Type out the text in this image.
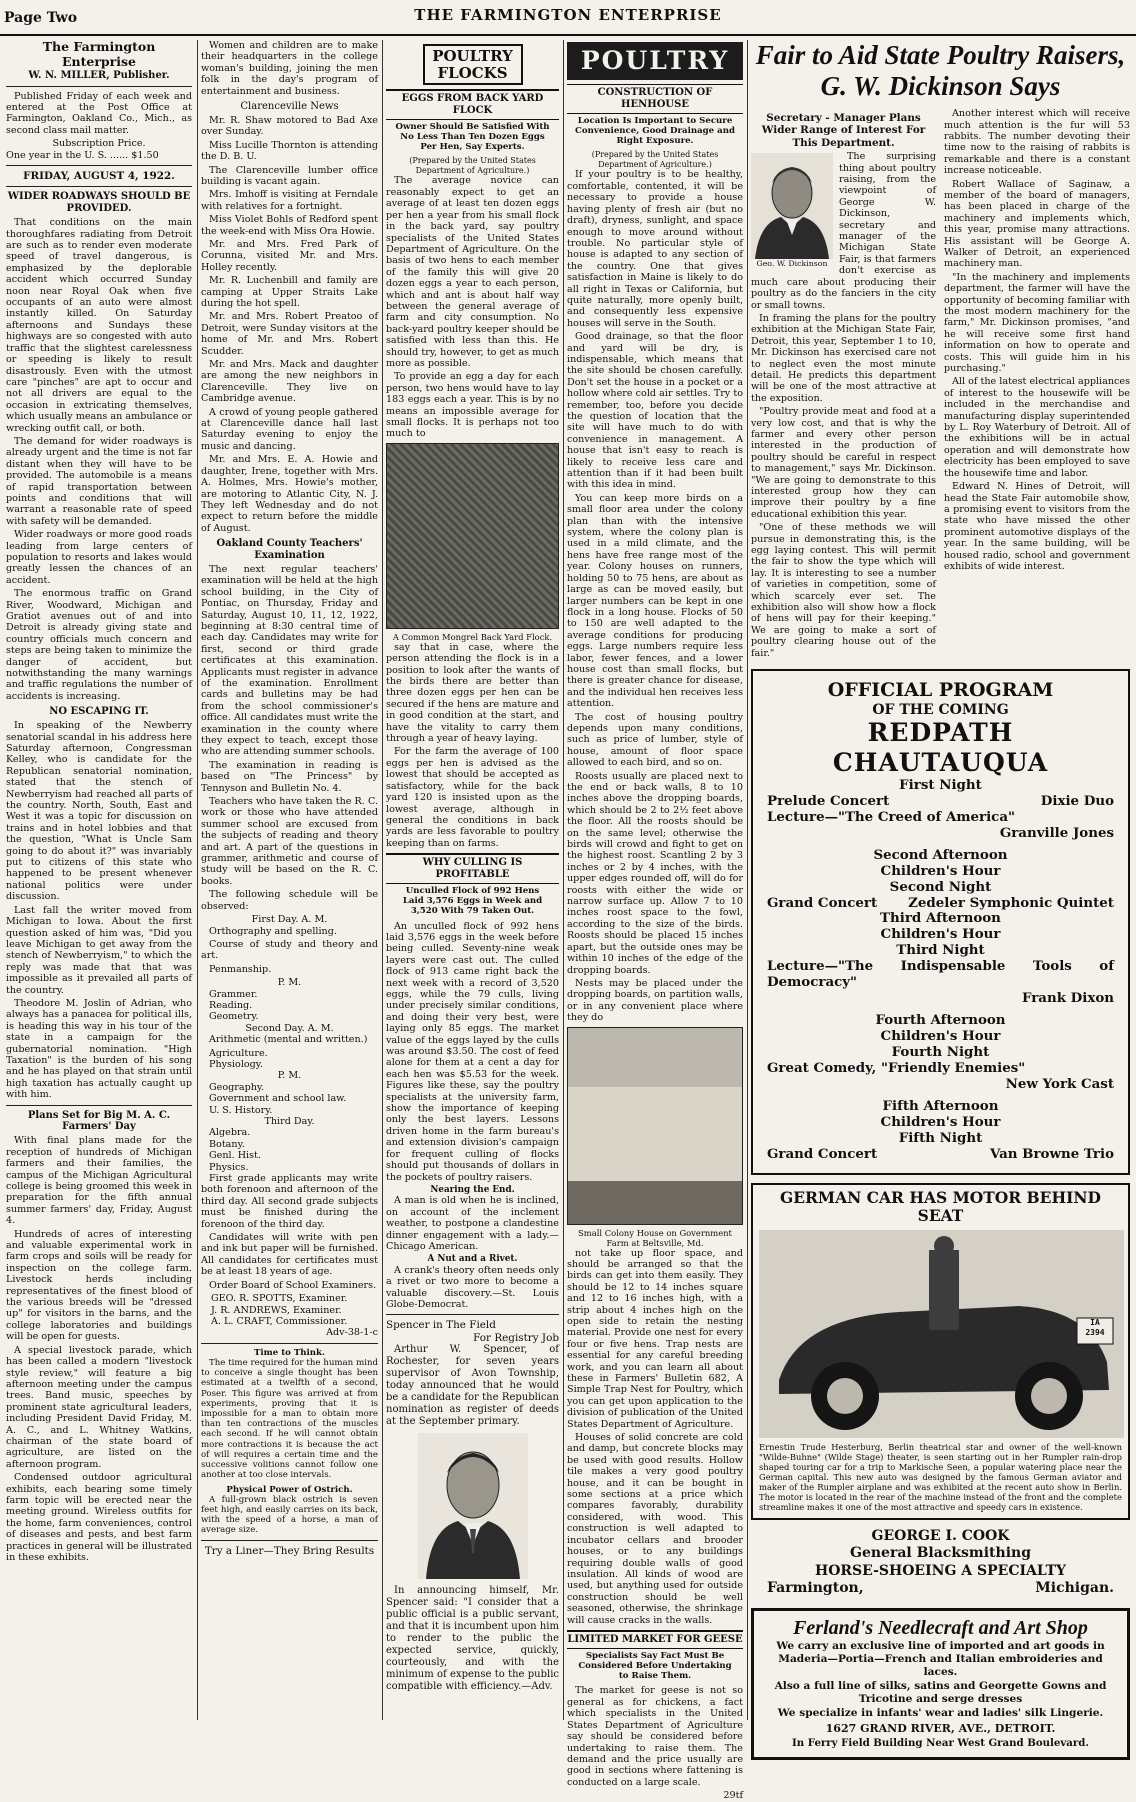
Page Two	THE FARMINGTON ENTERPRISE
The Farmington Enterprise
W. N. MILLER, Publisher.

Published Friday of each week and entered at the Post Office at Farmington, Oakland Co., Mich., as second class mail matter.

Subscription Price.
One year in the U. S. ...... $1.50
FRIDAY, AUGUST 4, 1922.
WIDER ROADWAYS SHOULD BE PROVIDED.

That conditions on the main thoroughfares radiating from Detroit are such as to render even moderate speed of travel dangerous, is emphasized by the deplorable accident which occurred Sunday noon near Royal Oak when five occupants of an auto were almost instantly killed. On Saturday afternoons and Sundays these highways are so congested with auto traffic that the slightest carelessness or speeding is likely to result disastrously. Even with the utmost care "pinches" are apt to occur and not all drivers are equal to the occasion in extricating themselves, which usually means an ambulance or wrecking outfit call, or both.

The demand for wider roadways is already urgent and the time is not far distant when they will have to be provided. The automobile is a means of rapid transportation between points and conditions that will warrant a reasonable rate of speed with safety will be demanded.

Wider roadways or more good roads leading from large centers of population to resorts and lakes would greatly lessen the chances of an accident.

The enormous traffic on Grand River, Woodward, Michigan and Gratiot avenues out of and into Detroit is already giving state and country officials much concern and steps are being taken to minimize the danger of accident, but notwithstanding the many warnings and traffic regulations the number of accidents is increasing.

NO ESCAPING IT.

In speaking of the Newberry senatorial scandal in his address here Saturday afternoon, Congressman Kelley, who is candidate for the Republican senatorial nomination, stated that the stench of Newberryism had reached all parts of the country. North, South, East and West it was a topic for discussion on trains and in hotel lobbies and that the question, "What is Uncle Sam going to do about it?" was invariably put to citizens of this state who happened to be present whenever national politics were under discussion.

Last fall the writer moved from Michigan to Iowa. About the first question asked of him was, "Did you leave Michigan to get away from the stench of Newberryism," to which the reply was made that that was impossible as it prevailed all parts of the country.

Theodore M. Joslin of Adrian, who always has a panacea for political ills, is heading this way in his tour of the state in a campaign for the gubernatorial nomination. "High Taxation" is the burden of his song and he has played on that strain until high taxation has actually caught up with him.

Plans Set for Big M. A. C. Farmers' Day

With final plans made for the reception of hundreds of Michigan farmers and their families, the campus of the Michigan Agricultural college is being groomed this week in preparation for the fifth annual summer farmers' day, Friday, August 4.

Hundreds of acres of interesting and valuable experimental work in farm crops and soils will be ready for inspection on the college farm. Livestock herds including representatives of the finest blood of the various breeds will be "dressed up" for visitors in the barns, and the college laboratories and buildings will be open for guests.

A special livestock parade, which has been called a modern "livestock style review," will feature a big afternoon meeting under the campus trees. Band music, speeches by prominent state agricultural leaders, including President David Friday, M. A. C., and L. Whitney Watkins, chairman of the state board of agriculture, are listed on the afternoon program.

Condensed outdoor agricultural exhibits, each bearing some timely farm topic will be erected near the meeting ground. Wireless outfits for the home, farm conveniences, control of diseases and pests, and best farm practices in general will be illustrated in these exhibits.

Women and children are to make their headquarters in the college woman's building, joining the men folk in the day's program of entertainment and business.

Clarenceville News

Mr. R. Shaw motored to Bad Axe over Sunday.

Miss Lucille Thornton is attending the D. B. U.

The Clarenceville lumber office building is vacant again.

Mrs. Imhoff is visiting at Ferndale with relatives for a fortnight.

Miss Violet Bohls of Redford spent the week-end with Miss Ora Howie.

Mr. and Mrs. Fred Park of Corunna, visited Mr. and Mrs. Holley recently.

Mr. R. Luchenbill and family are camping at Upper Straits Lake during the hot spell.

Mr. and Mrs. Robert Preatoo of Detroit, were Sunday visitors at the home of Mr. and Mrs. Robert Scudder.

Mr. and Mrs. Mack and daughter are among the new neighbors in Clarenceville. They live on Cambridge avenue.

A crowd of young people gathered at Clarenceville dance hall last Saturday evening to enjoy the music and dancing.

Mr. and Mrs. E. A. Howie and daughter, Irene, together with Mrs. A. Holmes, Mrs. Howie's mother, are motoring to Atlantic City, N. J. They left Wednesday and do not expect to return before the middle of August.

Oakland County Teachers' Examination

The next regular teachers' examination will be held at the high school building, in the City of Pontiac, on Thursday, Friday and Saturday, August 10, 11, 12, 1922, beginning at 8:30 central time of each day. Candidates may write for first, second or third grade certificates at this examination. Applicants must register in advance of the examination. Enrollment cards and bulletins may be had from the school commissioner's office. All candidates must write the examination in the county where they expect to teach, except those who are attending summer schools.

The examination in reading is based on "The Princess" by Tennyson and Bulletin No. 4.

Teachers who have taken the R. C. work or those who have attended summer school are excused from the subjects of reading and theory and art. A part of the questions in grammer, arithmetic and course of study will be based on the R. C. books.

The following schedule will be observed:

First Day. A. M.

Orthography and spelling.

Course of study and theory and art.

Penmanship.

P. M.
Grammer.
Reading.
Geometry.
Second Day. A. M.

Arithmetic (mental and written.)

Agriculture.
Physiology.
P. M.
Geography.
Government and school law.
U. S. History.
Third Day.
Algebra.
Botany.
Genl. Hist.
Physics.

First grade applicants may write both forenoon and afternoon of the third day. All second grade subjects must be finished during the forenoon of the third day.

Candidates will write with pen and ink but paper will be furnished. All candidates for certificates must be at least 18 years of age.

Order Board of School Examiners.

GEO. R. SPOTTS, Examiner.
J. R. ANDREWS, Examiner.
A. L. CRAFT, Commissioner.
Adv-38-1-c
Time to Think.

The time required for the human mind to conceive a single thought has been estimated at a twelfth of a second, Poser. This figure was arrived at from experiments, proving that it is impossible for a man to obtain more than ten contractions of the muscles each second. If he will cannot obtain more contractions it is because the act of will requires a certain time and the successive volitions cannot follow one another at too close intervals.

Physical Power of Ostrich.

A full-grown black ostrich is seven feet high, and easily carries on its back, with the speed of a horse, a man of average size.

Try a Liner—They Bring Results
POULTRY
FLOCKS
EGGS FROM BACK YARD FLOCK
Owner Should Be Satisfied With No Less Than Ten Dozen Eggs Per Hen, Say Experts.
(Prepared by the United States Department of Agriculture.)

The average novice can reasonably expect to get an average of at least ten dozen eggs per hen a year from his small flock in the back yard, say poultry specialists of the United States Department of Agriculture. On the basis of two hens to each member of the family this will give 20 dozen eggs a year to each person, which and ant is about half way between the general average of farm and city consumption. No back-yard poultry keeper should be satisfied with less than this. He should try, however, to get as much more as possible.

To provide an egg a day for each person, two hens would have to lay 183 eggs each a year. This is by no means an impossible average for small flocks. It is perhaps not too much to

A Common Mongrel Back Yard Flock.

say that in case, where the person attending the flock is in a position to look after the wants of the birds there are better than three dozen eggs per hen can be secured if the hens are mature and in good condition at the start, and have the vitality to carry them through a year of heavy laying.

For the farm the average of 100 eggs per hen is advised as the lowest that should be accepted as satisfactory, while for the back yard 120 is insisted upon as the lowest average, although in general the conditions in back yards are less favorable to poultry keeping than on farms.

WHY CULLING IS PROFITABLE
Unculled Flock of 992 Hens Laid 3,576 Eggs in Week and 3,520 With 79 Taken Out.

An unculled flock of 992 hens laid 3,576 eggs in the week before being culled. Seventy-nine weak layers were cast out. The culled flock of 913 came right back the next week with a record of 3,520 eggs, while the 79 culls, living under precisely similar conditions, and doing their very best, were laying only 85 eggs. The market value of the eggs layed by the culls was around $3.50. The cost of feed alone for them at a cent a day for each hen was $5.53 for the week. Figures like these, say the poultry specialists at the university farm, show the importance of keeping only the best layers. Lessons driven home in the farm bureau's and extension division's campaign for frequent culling of flocks should put thousands of dollars in the pockets of poultry raisers.

Nearing the End.

A man is old when he is inclined, on account of the inclement weather, to postpone a clandestine dinner engagement with a lady.—Chicago American.

A Nut and a Rivet.

A crank's theory often needs only a rivet or two more to become a valuable discovery.—St. Louis Globe-Democrat.

Spencer in The Field
For Registry Job

Arthur W. Spencer, of Rochester, for seven years supervisor of Avon Township, today announced that he would be a candidate for the Republican nomination as register of deeds at the September primary.

In announcing himself, Mr. Spencer said: "I consider that a public official is a public servant, and that it is incumbent upon him to render to the public the expected service, quickly, courteously, and with the minimum of expense to the public compatible with efficiency.—Adv.

POULTRY
CONSTRUCTION OF HENHOUSE
Location Is Important to Secure Convenience, Good Drainage and Right Exposure.
(Prepared by the United States Department of Agriculture.)

If your poultry is to be healthy, comfortable, contented, it will be necessary to provide a house having plenty of fresh air (but no draft), dryness, sunlight, and space enough to move around without trouble. No particular style of house is adapted to any section of the country. One that gives satisfaction in Maine is likely to do all right in Texas or California, but quite naturally, more openly built, and consequently less expensive houses will serve in the South.

Good drainage, so that the floor and yard will be dry, is indispensable, which means that the site should be chosen carefully. Don't set the house in a pocket or a hollow where cold air settles. Try to remember, too, before you decide the question of location that the site will have much to do with convenience in management. A house that isn't easy to reach is likely to receive less care and attention than if it had been built with this idea in mind.

You can keep more birds on a small floor area under the colony plan than with the intensive system, where the colony plan is used in a mild climate, and the hens have free range most of the year. Colony houses on runners, holding 50 to 75 hens, are about as large as can be moved easily, but larger numbers can be kept in one flock in a long house. Flocks of 50 to 150 are well adapted to the average conditions for producing eggs. Large numbers require less labor, fewer fences, and a lower house cost than small flocks, but there is greater chance for disease, and the individual hen receives less attention.

The cost of housing poultry depends upon many conditions, such as price of lumber, style of house, amount of floor space allowed to each bird, and so on.

Roosts usually are placed next to the end or back walls, 8 to 10 inches above the dropping boards, which should be 2 to 2½ feet above the floor. All the roosts should be on the same level; otherwise the birds will crowd and fight to get on the highest roost. Scantling 2 by 3 inches or 2 by 4 inches, with the upper edges rounded off, will do for roosts with either the wide or narrow surface up. Allow 7 to 10 inches roost space to the fowl, according to the size of the birds. Roosts should be placed 15 inches apart, but the outside ones may be within 10 inches of the edge of the dropping boards.

Nests may be placed under the dropping boards, on partition walls, or in any convenient place where they do

Small Colony House on Government Farm at Beltsville, Md.

not take up floor space, and should be arranged so that the birds can get into them easily. They should be 12 to 14 inches square and 12 to 16 inches high, with a strip about 4 inches high on the open side to retain the nesting material. Provide one nest for every four or five hens. Trap nests are essential for any careful breeding work, and you can learn all about these in Farmers' Bulletin 682, A Simple Trap Nest for Poultry, which you can get upon application to the division of publication of the United States Department of Agriculture.

Houses of solid concrete are cold and damp, but concrete blocks may be used with good results. Hollow tile makes a very good poultry house, and it can be bought in some sections at a price which compares favorably, durability considered, with wood. This construction is well adapted to incubator cellars and brooder houses, or to any buildings requiring double walls of good insulation. All kinds of wood are used, but anything used for outside construction should be well seasoned, otherwise, the shrinkage will cause cracks in the walls.

LIMITED MARKET FOR GEESE
Specialists Say Fact Must Be Considered Before Undertaking to Raise Them.

The market for geese is not so general as for chickens, a fact which specialists in the United States Department of Agriculture say should be considered before undertaking to raise them. The demand and the price usually are good in sections where fattening is conducted on a large scale.

29tf
Fair to Aid State Poultry Raisers, G. W. Dickinson Says
Secretary - Manager Plans Wider Range of Interest For This Department.
Geo. W. Dickinson

The surprising thing about poultry raising, from the viewpoint of George W. Dickinson, secretary and manager of the Michigan State Fair, is that farmers don't exercise as much care about producing their poultry as do the fanciers in the city or small towns.

In framing the plans for the poultry exhibition at the Michigan State Fair, Detroit, this year, September 1 to 10, Mr. Dickinson has exercised care not to neglect even the most minute detail. He predicts this department will be one of the most attractive at the exposition.

"Poultry provide meat and food at a very low cost, and that is why the farmer and every other person interested in the production of poultry should be careful in respect to management," says Mr. Dickinson. "We are going to demonstrate to this interested group how they can improve their poultry by a fine educational exhibition this year.

"One of these methods we will pursue in demonstrating this, is the egg laying contest. This will permit the fair to show the type which will lay. It is interesting to see a number of varieties in competition, some of which scarcely ever set. The exhibition also will show how a flock of hens will pay for their keeping." We are going to make a sort of poultry clearing house out of the fair."

Another interest which will receive much attention is the fur will 53 rabbits. The number devoting their time now to the raising of rabbits is remarkable and there is a constant increase noticeable.

Robert Wallace of Saginaw, a member of the board of managers, has been placed in charge of the machinery and implements which, this year, promise many attractions. His assistant will be George A. Walker of Detroit, an experienced machinery man.

"In the machinery and implements department, the farmer will have the opportunity of becoming familiar with the most modern machinery for the farm," Mr. Dickinson promises, "and he will receive some first hand information on how to operate and costs. This will guide him in his purchasing."

All of the latest electrical appliances of interest to the housewife will be included in the merchandise and manufacturing display superintended by L. Roy Waterbury of Detroit. All of the exhibitions will be in actual operation and will demonstrate how electricity has been employed to save the housewife time and labor.

Edward N. Hines of Detroit, will head the State Fair automobile show, a promising event to visitors from the state who have missed the other prominent automotive displays of the year. In the same building, will be housed radio, school and government exhibits of wide interest.

OFFICIAL PROGRAM

OF THE COMING

REDPATH CHAUTAUQUA

First Night

Prelude Concert	Dixie Duo
Lecture—"The Creed of America"
Granville Jones

Second Afternoon

Children's Hour

Second Night

Grand Concert Zedeler Symphonic Quintet

Third Afternoon

Children's Hour

Third Night

Lecture—"The Indispensable Tools of Democracy"
Frank Dixon

Fourth Afternoon

Children's Hour

Fourth Night

Great Comedy, "Friendly Enemies"
New York Cast

Fifth Afternoon

Children's Hour

Fifth Night

Grand Concert	Van Browne Trio
GERMAN CAR HAS MOTOR BEHIND SEAT
IA
2394

Ernestin Trude Hesterburg, Berlin theatrical star and owner of the well-known "Wilde-Buhne" (Wilde Stage) theater, is seen starting out in her Rumpler rain-drop shaped touring car for a trip to Markische Seen, a popular watering place near the German capital. This new auto was designed by the famous German aviator and maker of the Rumpler airplane and was exhibited at the recent auto show in Berlin. The motor is located in the rear of the machine instead of the front and the complete streamline makes it one of the most attractive and speedy cars in existence.

GEORGE I. COOK
General Blacksmithing
HORSE-SHOEING A SPECIALTY
Farmington,	Michigan.
Ferland's Needlecraft and Art Shop

We carry an exclusive line of imported and art goods in Maderia—Portia—French and Italian embroideries and laces.

Also a full line of silks, satins and Georgette Gowns and Tricotine and serge dresses

We specialize in infants' wear and ladies' silk Lingerie.

1627 GRAND RIVER, AVE., DETROIT.

In Ferry Field Building Near West Grand Boulevard.
